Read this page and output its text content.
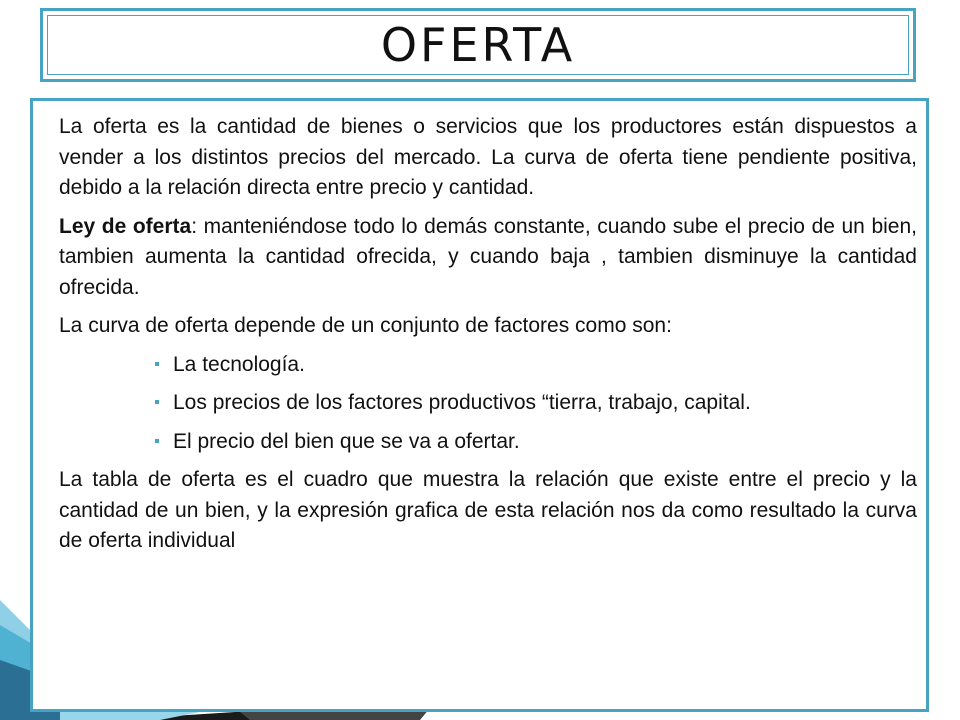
OFERTA

La oferta es la cantidad de bienes o servicios que los productores están dispuestos a vender a los distintos precios del mercado. La curva de oferta tiene pendiente positiva, debido a la relación directa entre precio y cantidad.

Ley de oferta: manteniéndose todo lo demás constante, cuando sube el precio de un bien, tambien aumenta la cantidad ofrecida, y cuando baja , tambien disminuye la cantidad ofrecida.

La curva de oferta depende de un conjunto de factores como son:

La tecnología.
Los precios de los factores productivos “tierra, trabajo, capital.
El precio del bien que se va a ofertar.

La tabla de oferta es el cuadro que muestra la relación que existe entre el precio y la cantidad de un bien, y la expresión grafica de esta relación nos da como resultado la curva de oferta individual
